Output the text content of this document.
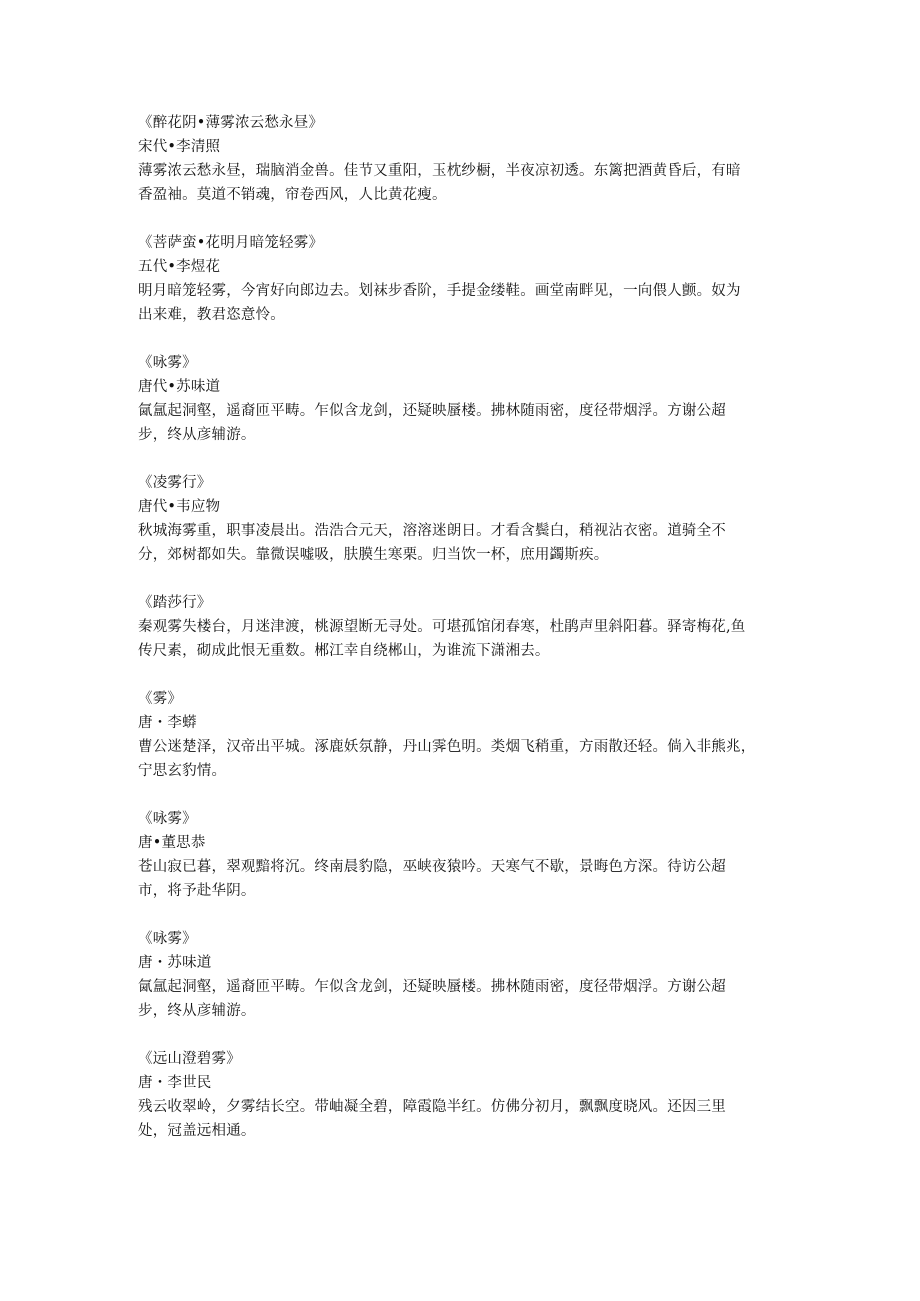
《醉花阴•薄雾浓云愁永昼》

宋代•李清照

薄雾浓云愁永昼，瑞脑消金兽。佳节又重阳，玉枕纱橱，半夜凉初透。东篱把酒黄昏后，有暗

香盈袖。莫道不销魂，帘卷西风，人比黄花瘦。

《菩萨蛮•花明月暗笼轻雾》

五代•李煜花

明月暗笼轻雾，今宵好向郎边去。划袜步香阶，手提金缕鞋。画堂南畔见，一向偎人颤。奴为

出来难，教君恣意怜。

《咏雾》

唐代•苏味道

氤氲起洞壑，遥裔匝平畴。乍似含龙剑，还疑映蜃楼。拂林随雨密，度径带烟浮。方谢公超

步，终从彦辅游。

《凌雾行》

唐代•韦应物

秋城海雾重，职事凌晨出。浩浩合元天，溶溶迷朗日。才看含鬓白，稍视沾衣密。道骑全不

分，郊树都如失。靠微误嘘吸，肤膜生寒栗。归当饮一杯，庶用蠲斯疾。

《踏莎行》

秦观雾失楼台，月迷津渡，桃源望断无寻处。可堪孤馆闭春寒，杜鹃声里斜阳暮。驿寄梅花,鱼

传尺素，砌成此恨无重数。郴江幸自绕郴山，为谁流下潇湘去。

《雾》

唐・李蟒

曹公迷楚泽，汉帝出平城。涿鹿妖氛静，丹山霁色明。类烟飞稍重，方雨散还轻。倘入非熊兆，

宁思玄豹情。

《咏雾》

唐•董思恭

苍山寂已暮，翠观黯将沉。终南晨豹隐，巫峡夜猿吟。天寒气不歇，景晦色方深。待访公超

市，将予赴华阴。

《咏雾》

唐・苏味道

氤氲起洞壑，遥裔匝平畴。乍似含龙剑，还疑映蜃楼。拂林随雨密，度径带烟浮。方谢公超

步，终从彦辅游。

《远山澄碧雾》

唐・李世民

残云收翠岭，夕雾结长空。带岫凝全碧，障霞隐半红。仿佛分初月，飘飘度晓风。还因三里

处，冠盖远相通。
